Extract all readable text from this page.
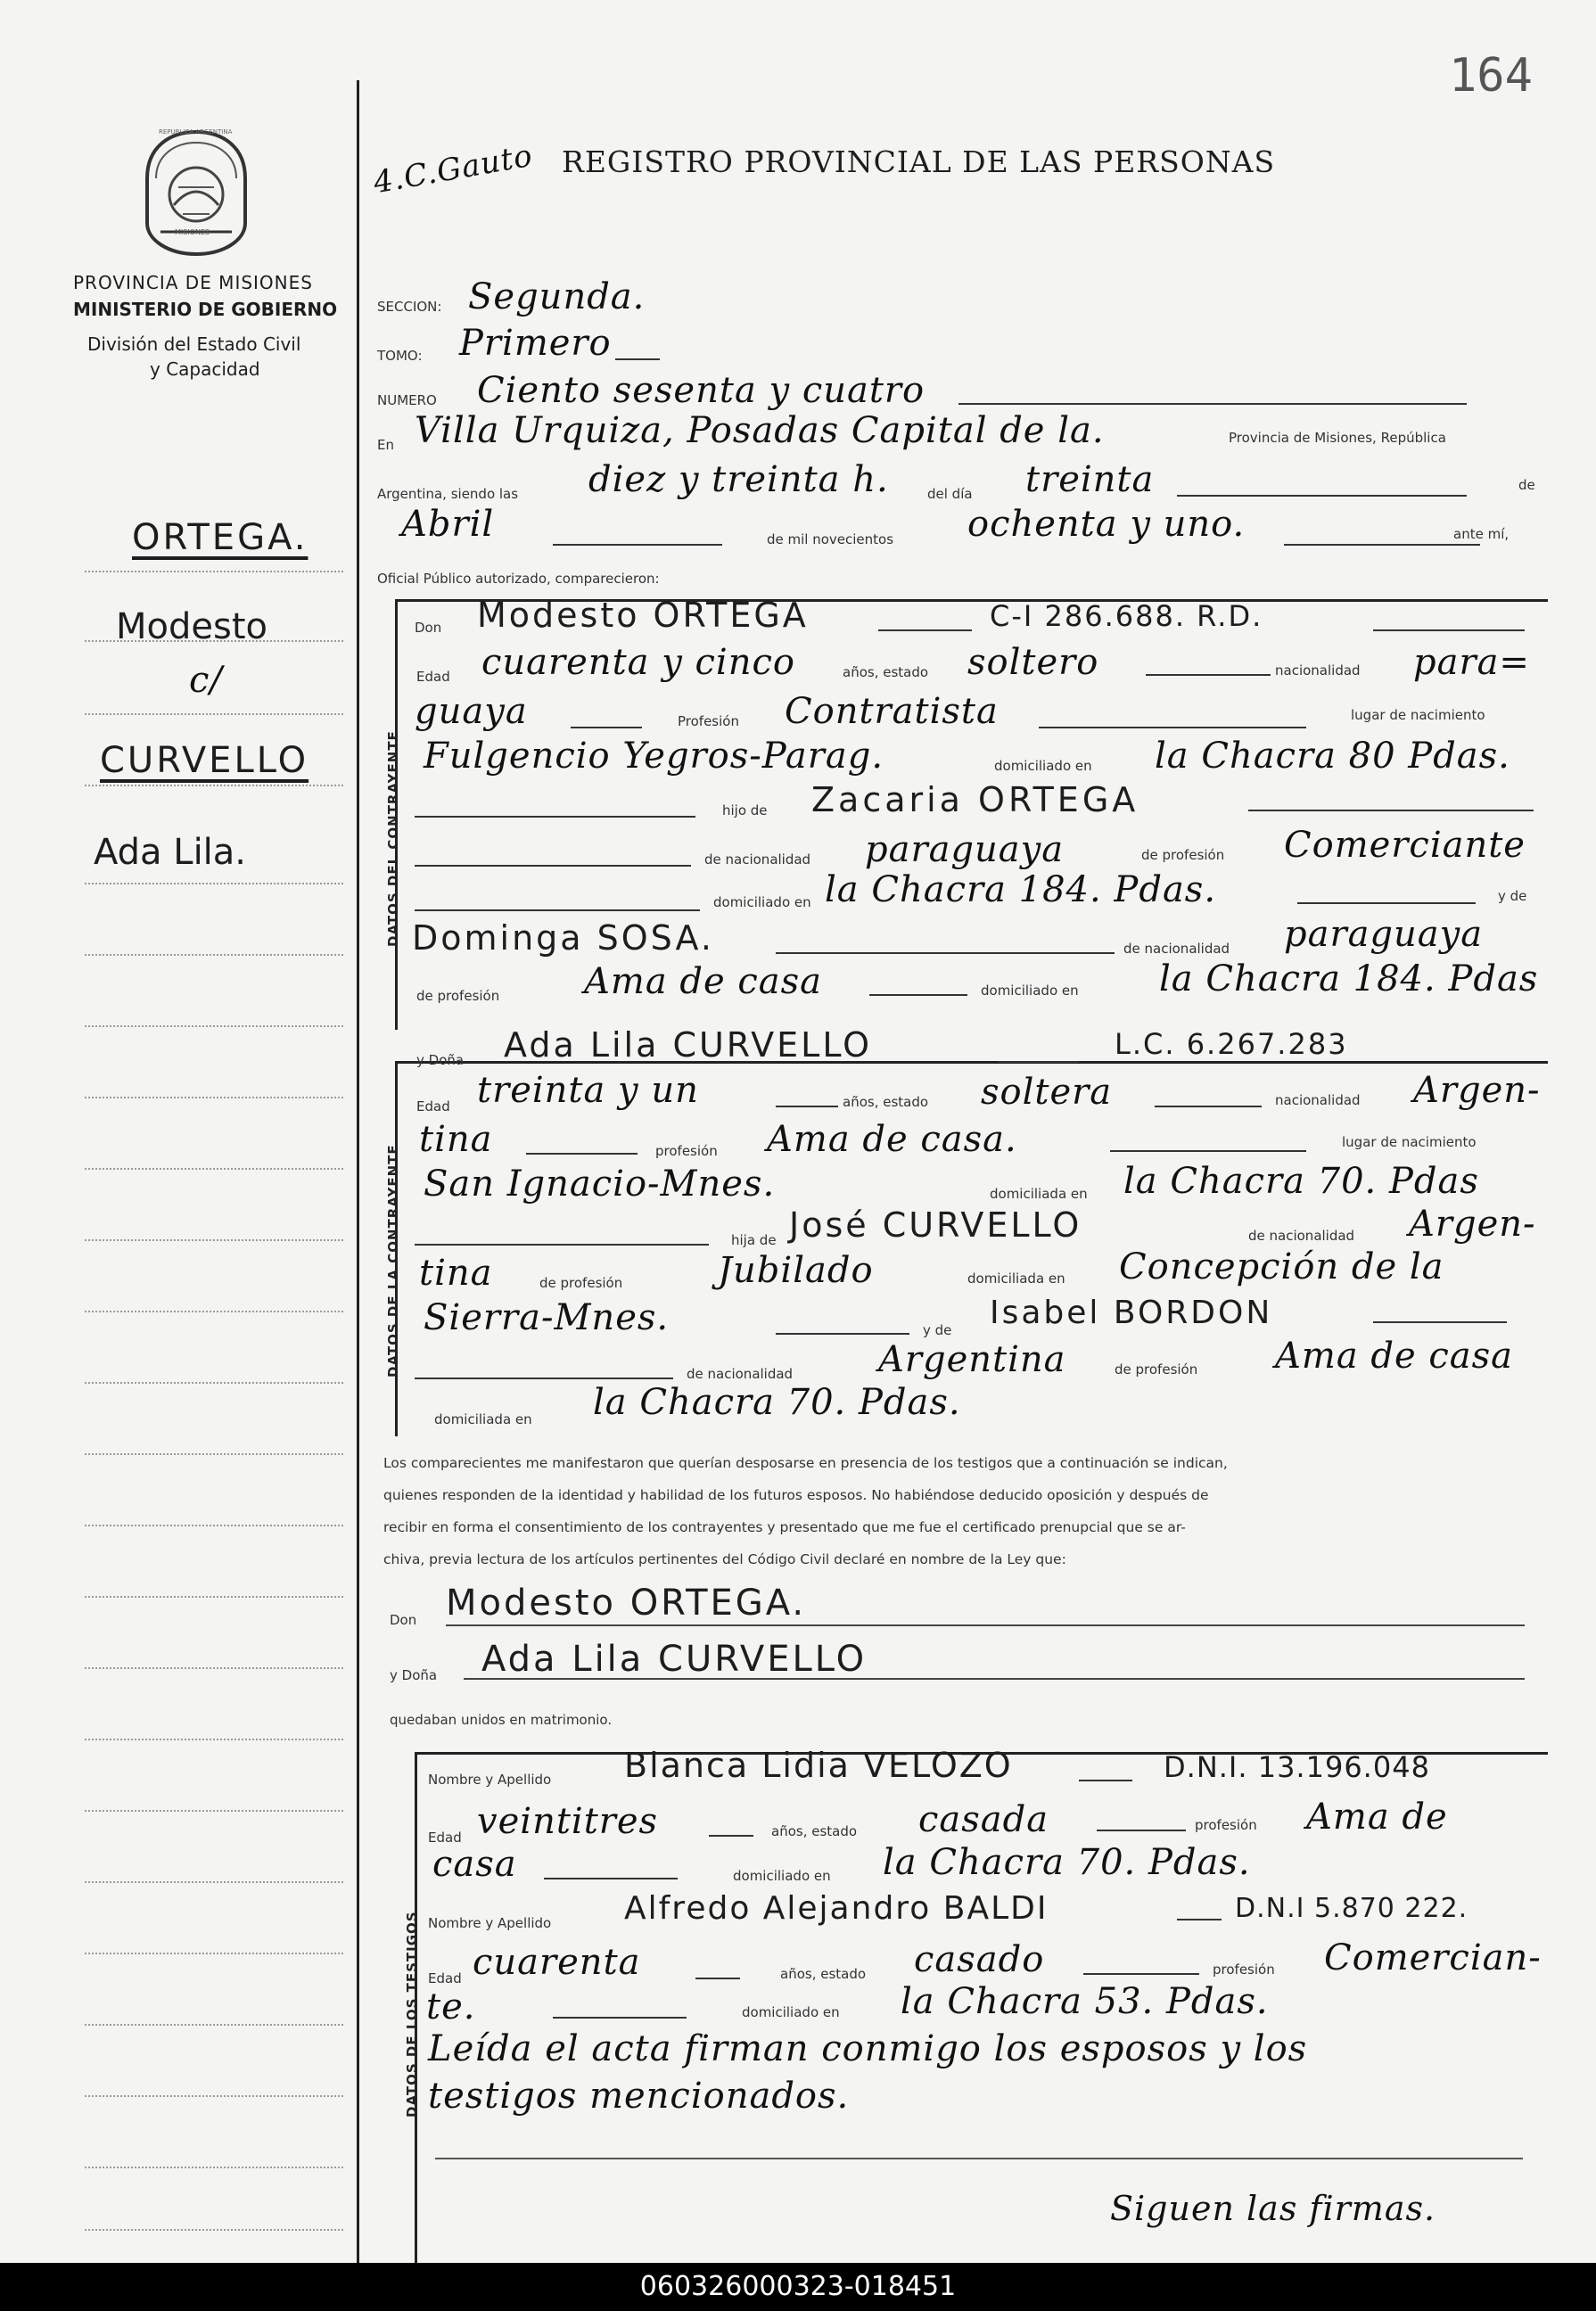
164
REPUBLICA ARGENTINA
MISIONES
PROVINCIA DE MISIONES
MINISTERIO DE GOBIERNO
División del Estado Civil
y Capacidad
ORTEGA.
Modesto
c/
CURVELLO
Ada Lila.
4.C.Gauto REGISTRO PROVINCIAL DE LAS PERSONAS
SECCION: Segunda.
TOMO: Primero
NUMERO Ciento sesenta y cuatro
En Villa Urquiza, Posadas Capital de la.	Provincia de Misiones, República
Argentina, siendo las diez y treinta h.	del día treinta	de
Abril	de mil novecientos ochenta y uno.	ante mí,
Oficial Público autorizado, comparecieron:
DATOS DEL CONTRAYENTE
Don Modesto ORTEGA	C-I 286.688. R.D.
Edad cuarenta y cinco	años, estado soltero	nacionalidad para=
guaya	Profesión Contratista	lugar de nacimiento
Fulgencio Yegros-Parag.	domiciliado en la Chacra 80 Pdas.
hijo de Zacaria ORTEGA
de nacionalidad paraguaya	de profesión Comerciante
domiciliado en la Chacra 184. Pdas.	y de
Dominga SOSA.	de nacionalidad paraguaya
de profesión Ama de casa	domiciliado en la Chacra 184. Pdas
DATOS DE LA CONTRAYENTE
y Doña Ada Lila CURVELLO	L.C. 6.267.283
Edad treinta y un	años, estado soltera	nacionalidad Argen-
tina	profesión Ama de casa.	lugar de nacimiento
San Ignacio-Mnes.	domiciliada en la Chacra 70. Pdas
hija de José CURVELLO	de nacionalidad Argen-
tina	de profesión	Jubilado	domiciliada en Concepción de la
Sierra-Mnes.	y de Isabel BORDON
de nacionalidad Argentina	de profesión Ama de casa
domiciliada en la Chacra 70. Pdas.
Los comparecientes me manifestaron que querían desposarse en presencia de los testigos que a continuación se indican,
quienes responden de la identidad y habilidad de los futuros esposos. No habiéndose deducido oposición y después de
recibir en forma el consentimiento de los contrayentes y presentado que me fue el certificado prenupcial que se ar-
chiva, previa lectura de los artículos pertinentes del Código Civil declaré en nombre de la Ley que:
Don Modesto ORTEGA.
y Doña Ada Lila CURVELLO
quedaban unidos en matrimonio.
DATOS DE LOS TESTIGOS
Nombre y Apellido Blanca Lidia VELOZO	D.N.I. 13.196.048
Edad veintitres	años, estado casada	profesión Ama de
casa	domiciliado en la Chacra 70. Pdas.
Nombre y Apellido Alfredo Alejandro BALDI	D.N.I 5.870 222.
Edad cuarenta	años, estado casado	profesión Comercian-
te.	domiciliado en la Chacra 53. Pdas.
Leída el acta firman conmigo los esposos y los
testigos mencionados.
Siguen las firmas.
060326000323-018451
